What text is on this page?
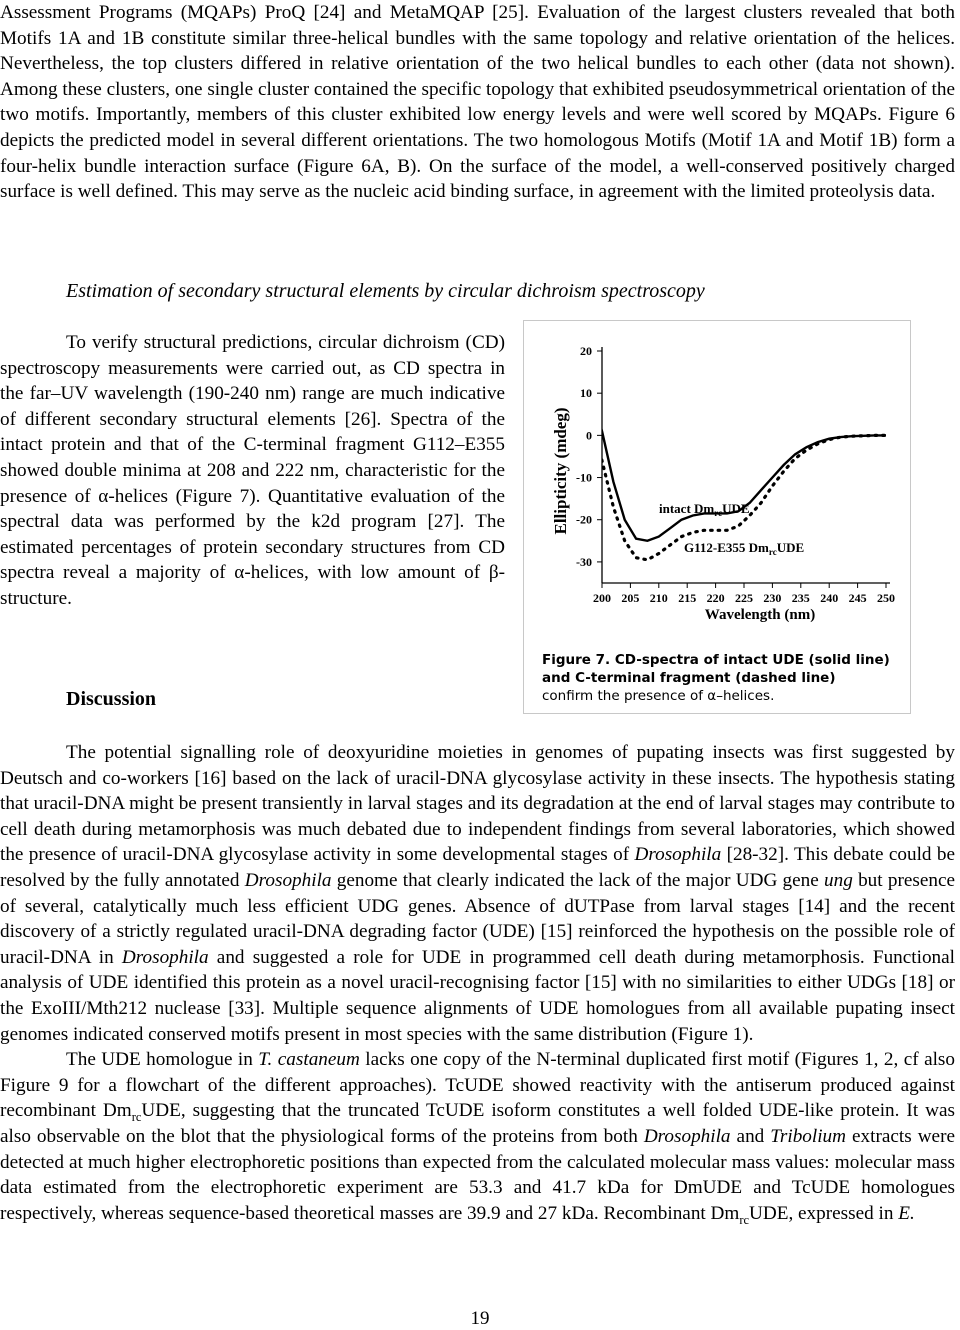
Assessment Programs (MQAPs) ProQ [24] and MetaMQAP [25]. Evaluation of the largest clusters revealed that both Motifs 1A and 1B constitute similar three-helical bundles with the same topology and relative orientation of the helices. Nevertheless, the top clusters differed in relative orientation of the two helical bundles to each other (data not shown). Among these clusters, one single cluster contained the specific topology that exhibited pseudosymmetrical orientation of the two motifs. Importantly, members of this cluster exhibited low energy levels and were well scored by MQAPs. Figure 6 depicts the predicted model in several different orientations. The two homologous Motifs (Motif 1A and Motif 1B) form a four-helix bundle interaction surface (Figure 6A, B). On the surface of the model, a well-conserved positively charged surface is well defined. This may serve as the nucleic acid binding surface, in agreement with the limited proteolysis data.

Estimation of secondary structural elements by circular dichroism spectroscopy

To verify structural predictions, circular dichroism (CD) spectroscopy measurements were carried out, as CD spectra in the far–UV wavelength (190-240 nm) range are much indicative of different secondary structural elements [26]. Spectra of the intact protein and that of the C-terminal fragment G112–E355 showed double minima at 208 and 222 nm, characteristic for the presence of α-helices (Figure 7). Quantitative evaluation of the spectral data was performed by the k2d program [27]. The estimated percentages of protein secondary structures from CD spectra reveal a majority of α-helices, with low amount of β-structure.

Discussion

200 205 210 215 220 225 230 235 240 245 250
20
10
0
-10
-20
-30
Ellipticity (mdeg)
Wavelength (nm)
intact $Dm_{rc}UDE$
G112-E355 $Dm_{rc}UDE$

Figure 7. CD-spectra of intact UDE (solid line) and C-terminal fragment (dashed line)
confirm the presence of α–helices.

The potential signalling role of deoxyuridine moieties in genomes of pupating insects was first suggested by Deutsch and co-workers [16] based on the lack of uracil-DNA glycosylase activity in these insects. The hypothesis stating that uracil-DNA might be present transiently in larval stages and its degradation at the end of larval stages may contribute to cell death during metamorphosis was much debated due to independent findings from several laboratories, which showed the presence of uracil-DNA glycosylase activity in some developmental stages of Drosophila [28-32]. This debate could be resolved by the fully annotated Drosophila genome that clearly indicated the lack of the major UDG gene ung but presence of several, catalytically much less efficient UDG genes. Absence of dUTPase from larval stages [14] and the recent discovery of a strictly regulated uracil-DNA degrading factor (UDE) [15] reinforced the hypothesis on the possible role of uracil-DNA in Drosophila and suggested a role for UDE in programmed cell death during metamorphosis. Functional analysis of UDE identified this protein as a novel uracil-recognising factor [15] with no similarities to either UDGs [18] or the ExoIII/Mth212 nuclease [33]. Multiple sequence alignments of UDE homologues from all available pupating insect genomes indicated conserved motifs present in most species with the same distribution (Figure 1).

The UDE homologue in T. castaneum lacks one copy of the N-terminal duplicated first motif (Figures 1, 2, cf also Figure 9 for a flowchart of the different approaches). TcUDE showed reactivity with the antiserum produced against recombinant $Dm_{rc}UDE$, suggesting that the truncated TcUDE isoform constitutes a well folded UDE-like protein. It was also observable on the blot that the physiological forms of the proteins from both Drosophila and Tribolium extracts were detected at much higher electrophoretic positions than expected from the calculated molecular mass values: molecular mass data estimated from the electrophoretic experiment are 53.3 and 41.7 kDa for DmUDE and TcUDE homologues respectively, whereas sequence-based theoretical masses are 39.9 and 27 kDa. Recombinant $Dm_{rc}UDE$, expressed in E.

19
